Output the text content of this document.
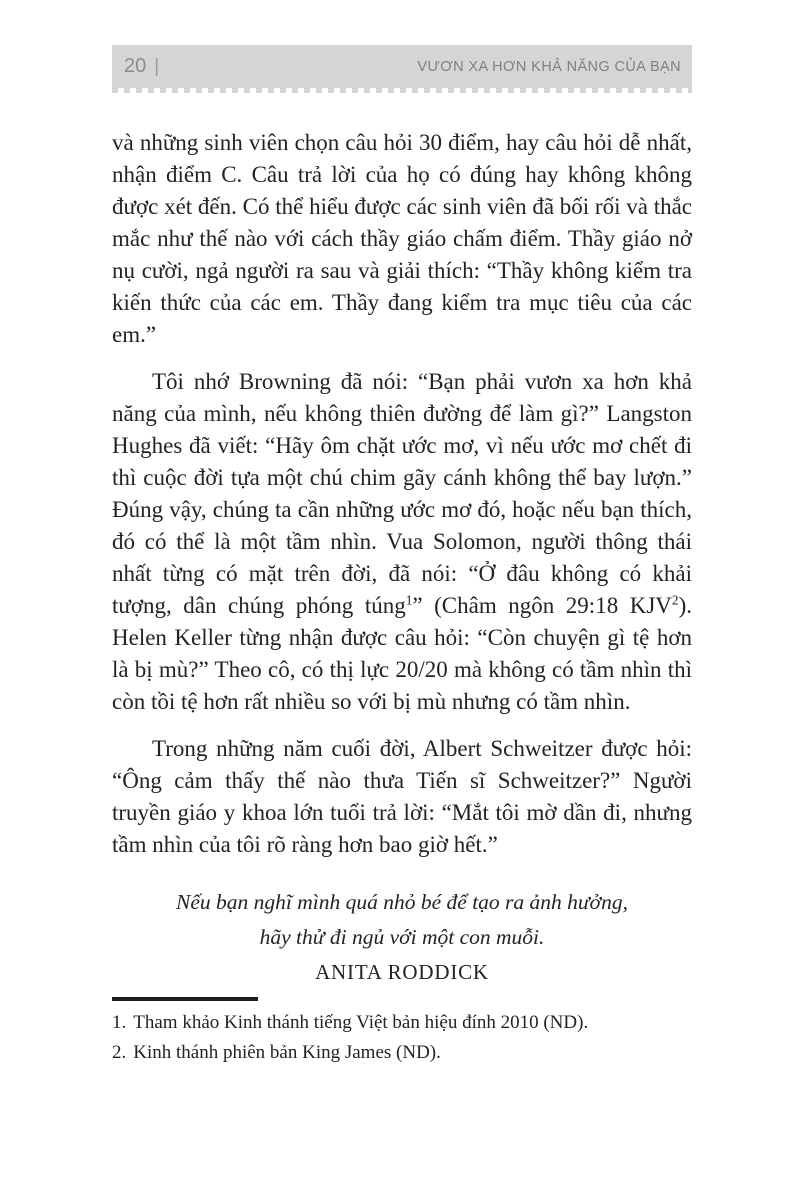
20 |	VƯƠN XA HƠN KHẢ NĂNG CỦA BẠN

và những sinh viên chọn câu hỏi 30 điểm, hay câu hỏi dễ nhất, nhận điểm C. Câu trả lời của họ có đúng hay không không được xét đến. Có thể hiểu được các sinh viên đã bối rối và thắc mắc như thế nào với cách thầy giáo chấm điểm. Thầy giáo nở nụ cười, ngả người ra sau và giải thích: “Thầy không kiểm tra kiến thức của các em. Thầy đang kiểm tra mục tiêu của các em.”

Tôi nhớ Browning đã nói: “Bạn phải vươn xa hơn khả năng của mình, nếu không thiên đường để làm gì?” Langston Hughes đã viết: “Hãy ôm chặt ước mơ, vì nếu ước mơ chết đi thì cuộc đời tựa một chú chim gãy cánh không thể bay lượn.” Đúng vậy, chúng ta cần những ước mơ đó, hoặc nếu bạn thích, đó có thể là một tầm nhìn. Vua Solomon, người thông thái nhất từng có mặt trên đời, đã nói: “Ở đâu không có khải tượng, dân chúng phóng túng$^1$” (Châm ngôn 29:18 KJV$^2$). Helen Keller từng nhận được câu hỏi: “Còn chuyện gì tệ hơn là bị mù?” Theo cô, có thị lực 20/20 mà không có tầm nhìn thì còn tồi tệ hơn rất nhiều so với bị mù nhưng có tầm nhìn.

Trong những năm cuối đời, Albert Schweitzer được hỏi: “Ông cảm thấy thế nào thưa Tiến sĩ Schweitzer?” Người truyền giáo y khoa lớn tuổi trả lời: “Mắt tôi mờ dần đi, nhưng tầm nhìn của tôi rõ ràng hơn bao giờ hết.”

Nếu bạn nghĩ mình quá nhỏ bé để tạo ra ảnh hưởng,
hãy thử đi ngủ với một con muỗi.
ANITA RODDICK
1. Tham khảo Kinh thánh tiếng Việt bản hiệu đính 2010 (ND).
2. Kinh thánh phiên bản King James (ND).
